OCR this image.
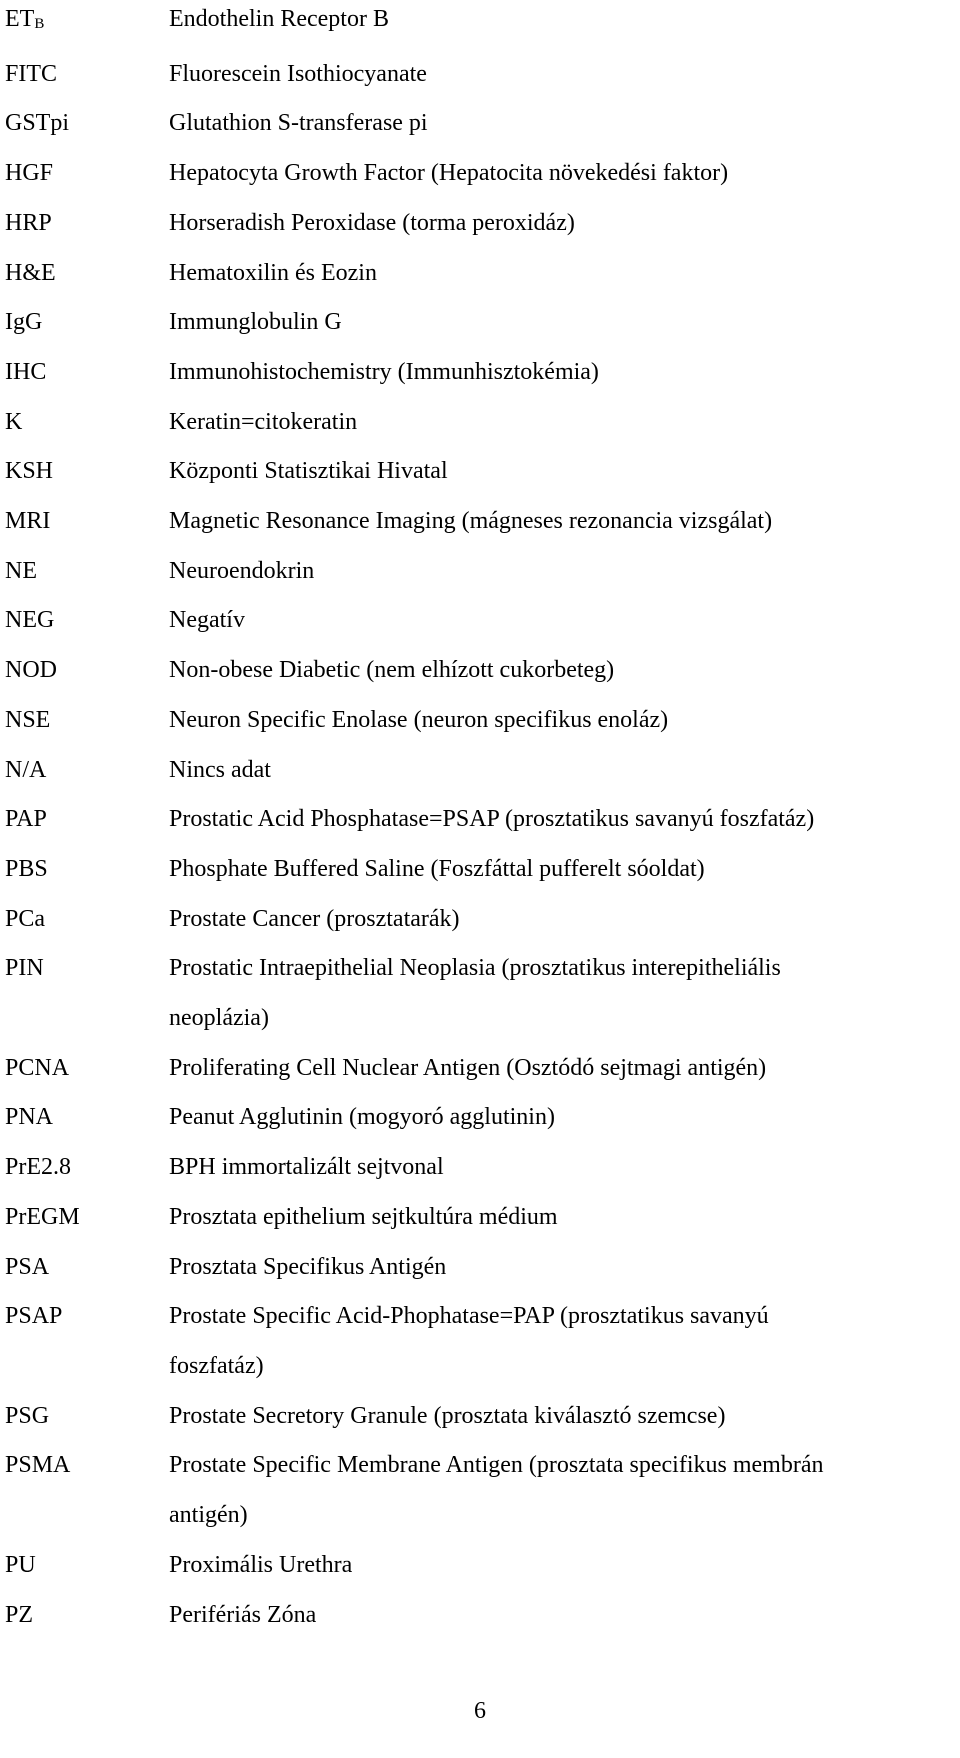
ETB	Endothelin Receptor B
FITC	Fluorescein Isothiocyanate
GSTpi	Glutathion S-transferase pi
HGF	Hepatocyta Growth Factor (Hepatocita növekedési faktor)
HRP	Horseradish Peroxidase (torma peroxidáz)
H&E	Hematoxilin és Eozin
IgG	Immunglobulin G
IHC	Immunohistochemistry (Immunhisztokémia)
K	Keratin=citokeratin
KSH	Központi Statisztikai Hivatal
MRI	Magnetic Resonance Imaging (mágneses rezonancia vizsgálat)
NE	Neuroendokrin
NEG	Negatív
NOD	Non-obese Diabetic (nem elhízott cukorbeteg)
NSE	Neuron Specific Enolase (neuron specifikus enoláz)
N/A	Nincs adat
PAP	Prostatic Acid Phosphatase=PSAP (prosztatikus savanyú foszfatáz)
PBS	Phosphate Buffered Saline (Foszfáttal pufferelt sóoldat)
PCa	Prostate Cancer (prosztatarák)
PIN	Prostatic Intraepithelial Neoplasia (prosztatikus interepitheliális
neoplázia)
PCNA	Proliferating Cell Nuclear Antigen (Osztódó sejtmagi antigén)
PNA	Peanut Agglutinin (mogyoró agglutinin)
PrE2.8	BPH immortalizált sejtvonal
PrEGM	Prosztata epithelium sejtkultúra médium
PSA	Prosztata Specifikus Antigén
PSAP	Prostate Specific Acid-Phophatase=PAP (prosztatikus savanyú
foszfatáz)
PSG	Prostate Secretory Granule (prosztata kiválasztó szemcse)
PSMA	Prostate Specific Membrane Antigen (prosztata specifikus membrán
antigén)
PU	Proximális Urethra
PZ	Perifériás Zóna
6
